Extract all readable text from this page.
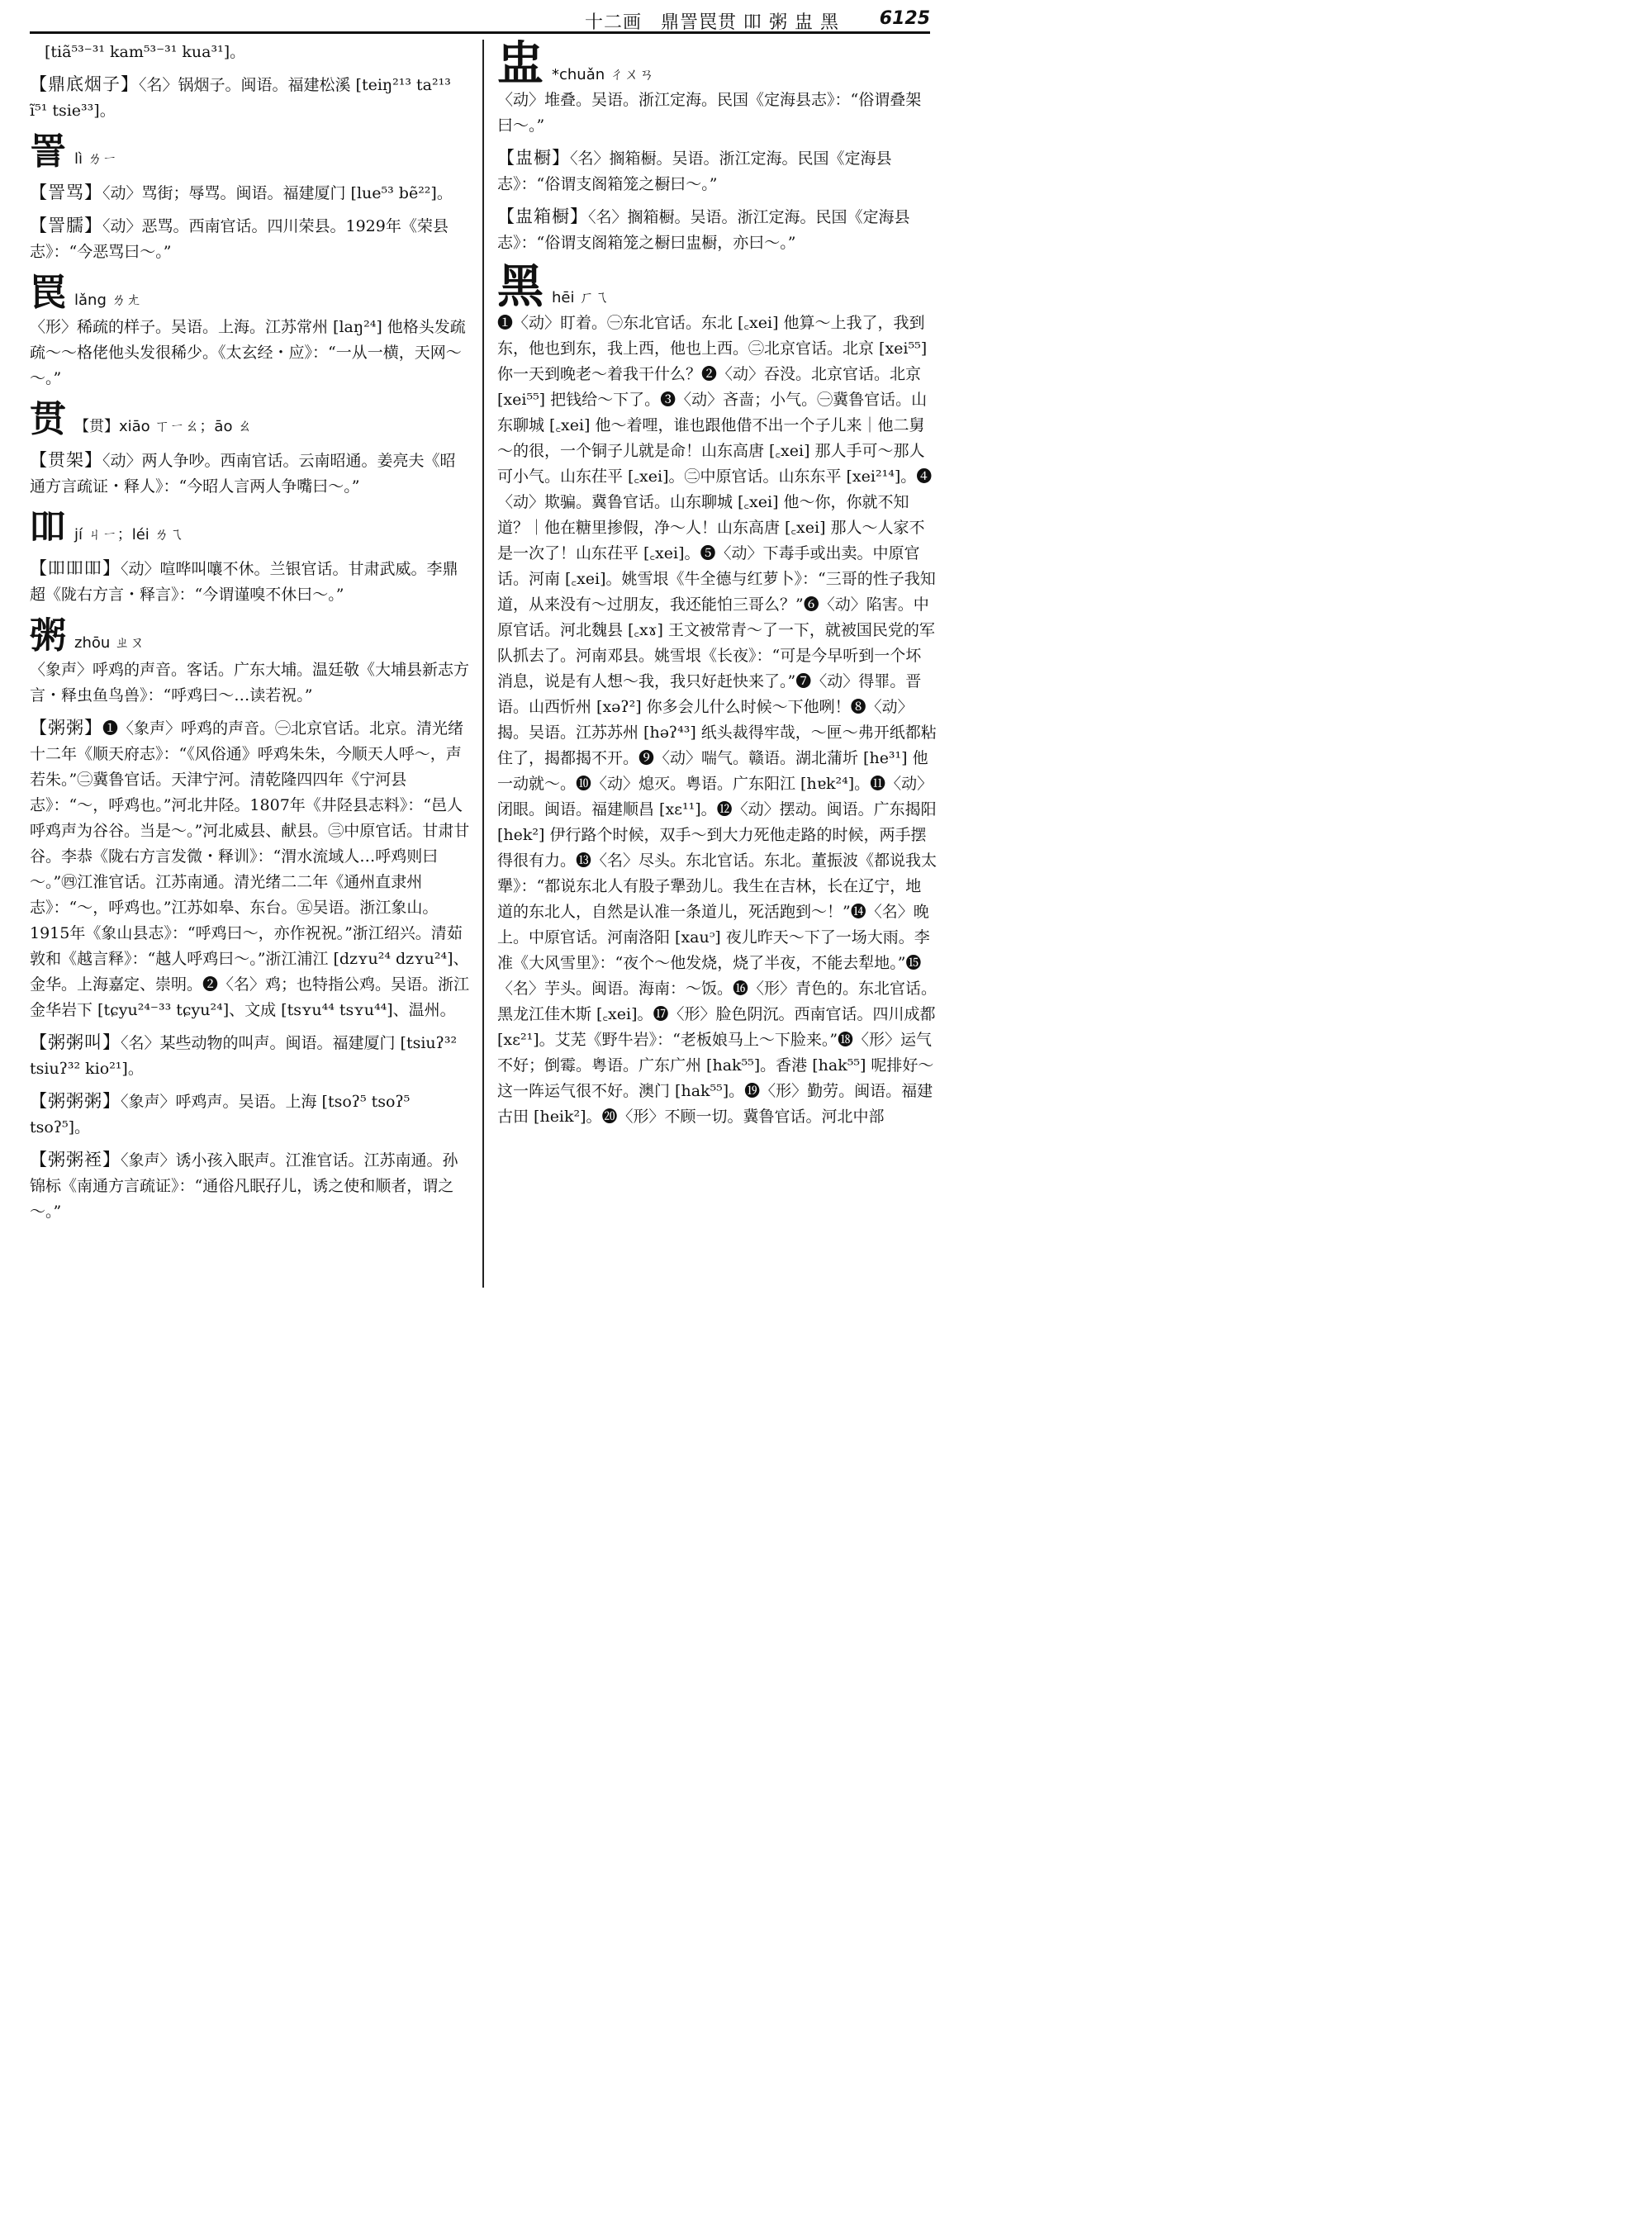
十二画　鼎詈罠贯 吅 粥 盅 黑 6125
[tiã⁵³⁻³¹ kam⁵³⁻³¹ kua³¹]。
【鼎底烟子】〈名〉锅烟子。闽语。福建松溪 [teiŋ²¹³ ta²¹³ ĩ⁵¹ tsie³³]。
詈 lì ㄌㄧ
【詈骂】〈动〉骂街；辱骂。闽语。福建厦门 [lue⁵³ bẽ²²]。
【詈臑】〈动〉恶骂。西南官话。四川荣县。1929年《荣县志》：“今恶骂曰～。”
罠 lǎng ㄌㄤ
〈形〉稀疏的样子。吴语。上海。江苏常州 [laŋ²⁴] 他格头发疏疏～～格佬他头发很稀少。《太玄经・应》：“一从一横，天网～～。”
贯 【贯】xiāo ㄒㄧㄠ；āo ㄠ
【贯架】〈动〉两人争吵。西南官话。云南昭通。姜亮夫《昭通方言疏证・释人》：“今昭人言两人争嘴曰～。”
吅 jí ㄐㄧ；léi ㄌㄟ
【吅吅吅】〈动〉喧哗叫嚷不休。兰银官话。甘肃武威。李鼎超《陇右方言・释言》：“今谓谨嗅不休曰～。”
粥 zhōu ㄓㄡ
〈象声〉呼鸡的声音。客话。广东大埔。温廷敬《大埔县新志方言・释虫鱼鸟兽》：“呼鸡曰～…读若祝。”
【粥粥】❶〈象声〉呼鸡的声音。㊀北京官话。北京。清光绪十二年《顺天府志》：“《风俗通》呼鸡朱朱，今顺天人呼～，声若朱。”㊁冀鲁官话。天津宁河。清乾隆四四年《宁河县志》：“～，呼鸡也。”河北井陉。1807年《井陉县志料》：“邑人呼鸡声为谷谷。当是～。”河北威县、献县。㊂中原官话。甘肃甘谷。李恭《陇右方言发微・释训》：“渭水流域人…呼鸡则曰～。”㊃江淮官话。江苏南通。清光绪二二年《通州直隶州志》：“～，呼鸡也。”江苏如皋、东台。㊄吴语。浙江象山。1915年《象山县志》：“呼鸡曰～，亦作祝祝。”浙江绍兴。清茹敦和《越言释》：“越人呼鸡曰～。”浙江浦江 [dzʏu²⁴ dzʏu²⁴]、金华。上海嘉定、崇明。❷〈名〉鸡；也特指公鸡。吴语。浙江金华岩下 [tɕyu²⁴⁻³³ tɕyu²⁴]、文成 [tsʏu⁴⁴ tsʏu⁴⁴]、温州。
【粥粥叫】〈名〉某些动物的叫声。闽语。福建厦门 [tsiuʔ³² tsiuʔ³² kio²¹]。
【粥粥粥】〈象声〉呼鸡声。吴语。上海 [tsoʔ⁵ tsoʔ⁵ tsoʔ⁵]。
【粥粥䘭】〈象声〉诱小孩入眠声。江淮官话。江苏南通。孙锦标《南通方言疏证》：“通俗凡眠孖儿，诱之使和顺者，谓之～。”
盅 *chuǎn ㄔㄨㄢ
〈动〉堆叠。吴语。浙江定海。民国《定海县志》：“俗谓叠架曰～。”
【盅橱】〈名〉搁箱橱。吴语。浙江定海。民国《定海县志》：“俗谓支阁箱笼之橱曰～。”
【盅箱橱】〈名〉搁箱橱。吴语。浙江定海。民国《定海县志》：“俗谓支阁箱笼之橱曰盅橱，亦曰～。”
黑 hēi ㄏㄟ
❶〈动〉盯着。㊀东北官话。东北 [꜀xei] 他算～上我了，我到东，他也到东，我上西，他也上西。㊁北京官话。北京 [xei⁵⁵] 你一天到晚老～着我干什么？❷〈动〉吞没。北京官话。北京 [xei⁵⁵] 把钱给～下了。❸〈动〉吝啬；小气。㊀冀鲁官话。山东聊城 [꜀xei] 他～着哩，谁也跟他借不出一个子儿来｜他二舅～的很，一个铜子儿就是命！山东高唐 [꜀xei] 那人手可～那人可小气。山东茌平 [꜀xei]。㊁中原官话。山东东平 [xei²¹⁴]。❹〈动〉欺骗。冀鲁官话。山东聊城 [꜀xei] 他～你，你就不知道？｜他在糖里掺假，净～人！山东高唐 [꜀xei] 那人～人家不是一次了！山东茌平 [꜀xei]。❺〈动〉下毒手或出卖。中原官话。河南 [꜀xei]。姚雪垠《牛全德与红萝卜》：“三哥的性子我知道，从来没有～过朋友，我还能怕三哥么？”❻〈动〉陷害。中原官话。河北魏县 [꜀xɤ] 王文被常青～了一下，就被国民党的军队抓去了。河南邓县。姚雪垠《长夜》：“可是今早听到一个坏消息，说是有人想～我，我只好赶快来了。”❼〈动〉得罪。晋语。山西忻州 [xəʔ²] 你多会儿什么时候～下他咧！❽〈动〉揭。吴语。江苏苏州 [həʔ⁴³] 纸头裁得牢哉，～匣～弗开纸都粘住了，揭都揭不开。❾〈动〉喘气。赣语。湖北蒲圻 [he³¹] 他一动就～。❿〈动〉熄灭。粤语。广东阳江 [hɐk²⁴]。⓫〈动〉闭眼。闽语。福建顺昌 [xɛ¹¹]。⓬〈动〉摆动。闽语。广东揭阳 [hek²] 伊行路个时候，双手～到大力死他走路的时候，两手摆得很有力。⓭〈名〉尽头。东北官话。东北。董振波《都说我太犟》：“都说东北人有股子犟劲儿。我生在吉林，长在辽宁，地道的东北人，自然是认准一条道儿，死活跑到～！”⓮〈名〉晚上。中原官话。河南洛阳 [xauᵓ] 夜儿昨天～下了一场大雨。李准《大风雪里》：“夜个～他发烧，烧了半夜，不能去犁地。”⓯〈名〉芋头。闽语。海南：～饭。⓰〈形〉青色的。东北官话。黑龙江佳木斯 [꜀xei]。⓱〈形〉脸色阴沉。西南官话。四川成都 [xɛ²¹]。艾芜《野牛岩》：“老板娘马上～下脸来。”⓲〈形〉运气不好；倒霉。粤语。广东广州 [hak⁵⁵]。香港 [hak⁵⁵] 呢排好～这一阵运气很不好。澳门 [hak⁵⁵]。⓳〈形〉勤劳。闽语。福建古田 [heik²]。⓴〈形〉不顾一切。冀鲁官话。河北中部
